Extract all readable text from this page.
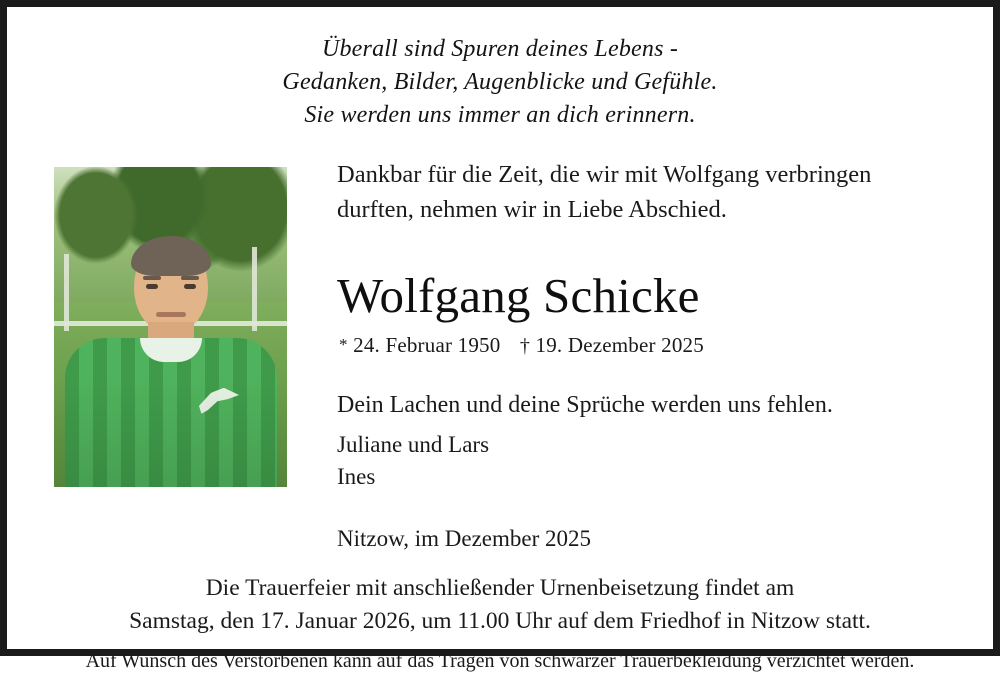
Überall sind Spuren deines Lebens -
Gedanken, Bilder, Augenblicke und Gefühle.
Sie werden uns immer an dich erinnern.
Dankbar für die Zeit, die wir mit Wolfgang verbringen
durften, nehmen wir in Liebe Abschied.
Wolfgang Schicke
* 24. Februar 1950 † 19. Dezember 2025
Dein Lachen und deine Sprüche werden uns fehlen.
Juliane und Lars
Ines
Nitzow, im Dezember 2025
Die Trauerfeier mit anschließender Urnenbeisetzung findet am
Samstag, den 17. Januar 2026, um 11.00 Uhr auf dem Friedhof in Nitzow statt.
Auf Wunsch des Verstorbenen kann auf das Tragen von schwarzer Trauerbekleidung verzichtet werden.
